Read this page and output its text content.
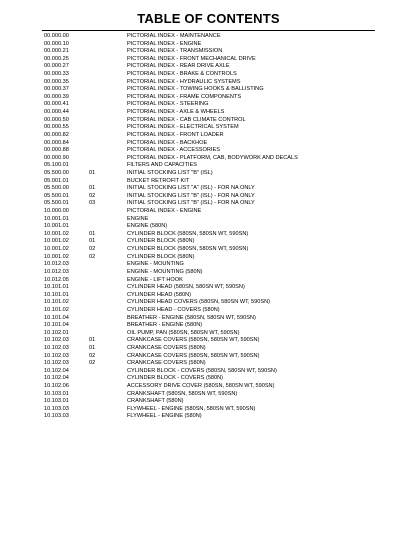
TABLE OF CONTENTS
00.000.00	PICTORIAL INDEX - MAINTENANCE
00.000.10	PICTORIAL INDEX - ENGINE
00.000.21	PICTORIAL INDEX - TRANSMISSION
00.000.25	PICTORIAL INDEX - FRONT MECHANICAL DRIVE
00.000.27	PICTORIAL INDEX - REAR DRIVE AXLE
00.000.33	PICTORIAL INDEX - BRAKE & CONTROLS
00.000.35	PICTORIAL INDEX - HYDRAULIC SYSTEMS
00.000.37	PICTORIAL INDEX - TOWING HOOKS & BALLISTING
00.000.39	PICTORIAL INDEX - FRAME COMPONENTS
00.000.41	PICTORIAL INDEX - STEERING
00.000.44	PICTORIAL INDEX - AXLE & WHEELS
00.000.50	PICTORIAL INDEX - CAB CLIMATE CONTROL
00.000.55	PICTORIAL INDEX - ELECTRICAL SYSTEM
00.000.82	PICTORIAL INDEX - FRONT LOADER
00.000.84	PICTORIAL INDEX - BACKHOE
00.000.88	PICTORIAL INDEX - ACCESSORIES
00.000.90	PICTORIAL INDEX - PLATFORM, CAB, BODYWORK AND DECALS
05.100.01	FILTERS AND CAPACITIES
05.500.00	01	INITIAL STOCKING LIST "B" (ISL)
05.001.01	BUCKET RETROFIT KIT
05.500.00	01	INITIAL STOCKING LIST "A" (ISL) - FOR NA ONLY
05.500.01	02	INITIAL STOCKING LIST "B" (ISL) - FOR NA ONLY
05.500.01	03	INITIAL STOCKING LIST "B" (ISL) - FOR NA ONLY
10.000.00	PICTORIAL INDEX - ENGINE
10.001.01	ENGINE
10.001.01	ENGINE (580N)
10.001.02	01	CYLINDER BLOCK (580SN, 580SN WT, 590SN)
10.001.02	01	CYLINDER BLOCK (580N)
10.001.02	02	CYLINDER BLOCK (580SN, 580SN WT, 590SN)
10.001.02	02	CYLINDER BLOCK (580N)
10.012.03	ENGINE - MOUNTING
10.012.03	ENGINE - MOUNTING (580N)
10.012.05	ENGINE - LIFT HOOK
10.101.01	CYLINDER HEAD (580SN, 580SN WT, 590SN)
10.101.01	CYLINDER HEAD (580N)
10.101.02	CYLINDER HEAD COVERS (580SN, 580SN WT, 590SN)
10.101.02	CYLINDER HEAD - COVERS (580N)
10.101.04	BREATHER - ENGINE (580SN, 580SN WT, 590SN)
10.101.04	BREATHER - ENGINE (580N)
10.102.01	OIL PUMP, PAN (580SN, 580SN WT, 590SN)
10.102.03	01	CRANKCASE COVERS (580SN, 580SN WT, 590SN)
10.102.03	01	CRANKCASE COVERS (580N)
10.102.03	02	CRANKCASE COVERS (580SN, 580SN WT, 590SN)
10.102.03	02	CRANKCASE COVERS (580N)
10.102.04	CYLINDER BLOCK - COVERS (580SN, 580SN WT, 590SN)
10.102.04	CYLINDER BLOCK - COVERS (580N)
10.102.06	ACCESSORY DRIVE COVER (580SN, 580SN WT, 590SN)
10.103.01	CRANKSHAFT (580SN, 580SN WT, 590SN)
10.103.01	CRANKSHAFT (580N)
10.103.03	FLYWHEEL - ENGINE (580SN, 580SN WT, 590SN)
10.103.03	FLYWHEEL - ENGINE (580N)
